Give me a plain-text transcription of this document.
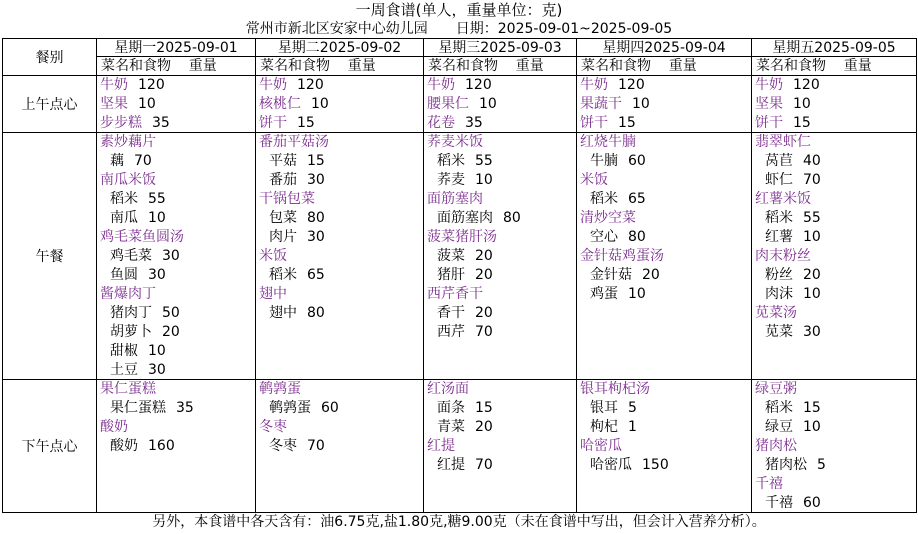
一周食谱(单人，重量单位：克)
常州市新北区安家中心幼儿园 日期：2025-09-01~2025-09-05
餐别
星期一2025-09-01
菜名和食物    重量
星期二2025-09-02
菜名和食物    重量
星期三2025-09-03
菜名和食物    重量
星期四2025-09-04
菜名和食物    重量
星期五2025-09-05
菜名和食物    重量
上午点心
牛奶 120
坚果 10
步步糕 35
牛奶 120
核桃仁 10
饼干 15
牛奶 120
腰果仁 10
花卷 35
牛奶 120
果蔬干 10
饼干 15
牛奶 120
坚果 10
饼干 15
午餐
素炒藕片
藕 70
南瓜米饭
稻米 55
南瓜 10
鸡毛菜鱼圆汤
鸡毛菜 30
鱼圆 30
酱爆肉丁
猪肉丁 50
胡萝卜 20
甜椒 10
土豆 30
番茄平菇汤
平菇 15
番茄 30
干锅包菜
包菜 80
肉片 30
米饭
稻米 65
翅中
翅中 80
荞麦米饭
稻米 55
荞麦 10
面筋塞肉
面筋塞肉 80
菠菜猪肝汤
菠菜 20
猪肝 20
西芹香干
香干 20
西芹 70
红烧牛腩
牛腩 60
米饭
稻米 65
清炒空菜
空心 80
金针菇鸡蛋汤
金针菇 20
鸡蛋 10
翡翠虾仁
莴苣 40
虾仁 70
红薯米饭
稻米 55
红薯 10
肉末粉丝
粉丝 20
肉沫 10
苋菜汤
苋菜 30
下午点心
果仁蛋糕
果仁蛋糕 35
酸奶
酸奶 160
鹌鹑蛋
鹌鹑蛋 60
冬枣
冬枣 70
红汤面
面条 15
青菜 20
红提
红提 70
银耳枸杞汤
银耳 5
枸杞 1
哈密瓜
哈密瓜 150
绿豆粥
稻米 15
绿豆 10
猪肉松
猪肉松 5
千禧
千禧 60
另外，本食谱中各天含有：油6.75克,盐1.80克,糖9.00克（未在食谱中写出，但会计入营养分析）。
